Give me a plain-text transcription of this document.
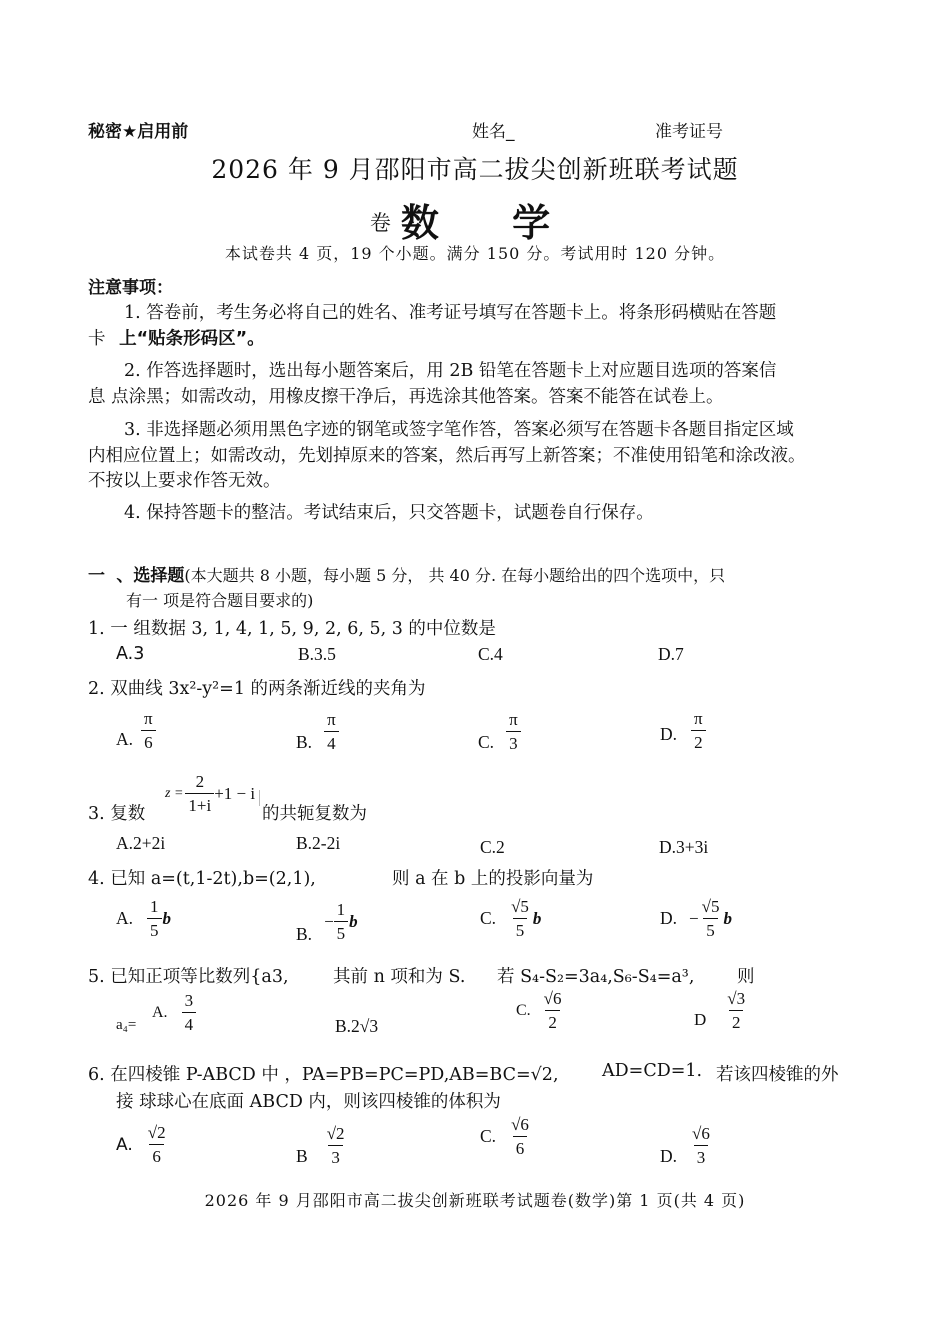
秘密★启用前	姓名_	准考证号
2026 年 9 月邵阳市高二拔尖创新班联考试题
卷 数 学
本试卷共 4 页，19 个小题。满分 150 分。考试用时 120 分钟。
注意事项：
1. 答卷前，考生务必将自己的姓名、准考证号填写在答题卡上。将条形码横贴在答题
卡 上“贴条形码区”。
2. 作答选择题时，选出每小题答案后，用 2B 铅笔在答题卡上对应题目选项的答案信
息 点涂黑；如需改动，用橡皮擦干净后，再选涂其他答案。答案不能答在试卷上。
3. 非选择题必须用黑色字迹的钢笔或签字笔作答，答案必须写在答题卡各题目指定区域
内相应位置上；如需改动，先划掉原来的答案，然后再写上新答案；不准使用铅笔和涂改液。
不按以上要求作答无效。
4. 保持答题卡的整洁。考试结束后，只交答题卡，试题卷自行保存。
一 、选择题(本大题共 8 小题，每小题 5 分， 共 40 分. 在每小题给出的四个选项中，只
有一 项是符合题目要求的)
1. 一 组数据 3, 1, 4, 1, 5, 9, 2, 6, 5, 3 的中位数是
A.3	B.3.5	C.4	D.7
2. 双曲线 3x²-y²=1 的两条渐近线的夹角为
A. $\frac{\pi}{6}$	B. $\frac{\pi}{4}$	C. $\frac{\pi}{3}$	D. $\frac{\pi}{2}$
3. 复数
$z = \frac{2}{1+i} +1 - i$
的共轭复数为
A.2+2i	B.2-2i	C.2	D.3+3i
4. 已知 a=(t,1-2t),b=(2,1),	则 a 在 b 上的投影向量为
A. $\frac{1}{5}$ b
B.
− $\frac{1}{5}$ b	C. $\frac{√5}{5}$ b	D. − $\frac{√5}{5}$ b
5. 已知正项等比数列{a3,	其前 n 项和为 S. 若 S₄-S₂=3a₄,S₆-S₄=a³, 则
a₄=
A. $\frac{3}{4}$	B.2√3
C. $\frac{√6}{2}$	D $\frac{√3}{2}$
6. 在四棱锥 P-ABCD 中 ，PA=PB=PC=PD,AB=BC=√2, AD=CD=1. 若该四棱锥的外
接 球球心在底面 ABCD 内，则该四棱锥的体积为
A. $\frac{√2}{6}$	B $\frac{√2}{3}$	C. $\frac{√6}{6}$	D. $\frac{√6}{3}$
2026 年 9 月邵阳市高二拔尖创新班联考试题卷(数学)第 1 页(共 4 页)
